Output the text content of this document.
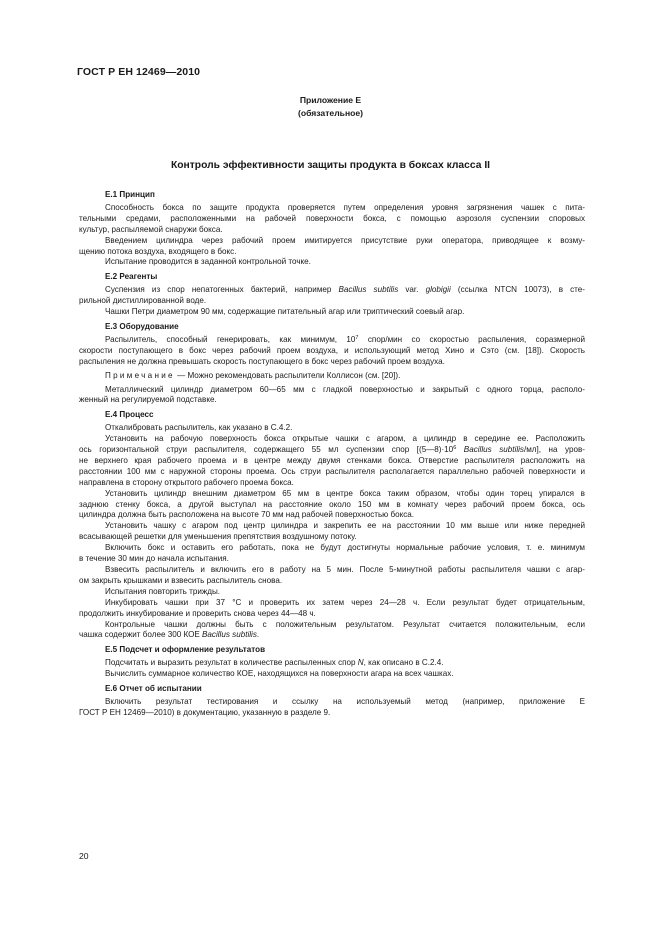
ГОСТ Р ЕН 12469—2010
Приложение Е
(обязательное)
Контроль эффективности защиты продукта в боксах класса II
Е.1 Принцип
Способность бокса по защите продукта проверяется путем определения уровня загрязнения чашек с пита-
тельными средами, расположенными на рабочей поверхности бокса, с помощью аэрозоля суспензии споровых
культур, распыляемой снаружи бокса.
Введением цилиндра через рабочий проем имитируется присутствие руки оператора, приводящее к возму-
щению потока воздуха, входящего в бокс.
Испытание проводится в заданной контрольной точке.
Е.2 Реагенты
Суспензия из спор непатогенных бактерий, например Bacillus subtilis var. globigii (ссылка NTCN 10073), в сте-
рильной дистиллированной воде.
Чашки Петри диаметром 90 мм, содержащие питательный агар или триптический соевый агар.
Е.3 Оборудование
Распылитель, способный генерировать, как минимум, $10^7$ спор/мин со скоростью распыления, соразмерной
скорости поступающего в бокс через рабочий проем воздуха, и использующий метод Хино и Сэто (см. [18]). Скорость
распыления не должна превышать скорость поступающего в бокс через рабочий проем воздуха.
Примечание — Можно рекомендовать распылители Коллисон (см. [20]).
Металлический цилиндр диаметром 60—65 мм с гладкой поверхностью и закрытый с одного торца, располо-
женный на регулируемой подставке.
Е.4 Процесс
Откалибровать распылитель, как указано в С.4.2.
Установить на рабочую поверхность бокса открытые чашки с агаром, а цилиндр в середине ее. Расположить
ось горизонтальной струи распылителя, содержащего 55 мл суспензии спор [$(5—8)\cdot 10^6$ Bacillus subtilis/мл], на уров-
не верхнего края рабочего проема и в центре между двумя стенками бокса. Отверстие распылителя расположить на
расстоянии 100 мм с наружной стороны проема. Ось струи распылителя располагается параллельно рабочей поверхности и
направлена в сторону открытого рабочего проема бокса.
Установить цилиндр внешним диаметром 65 мм в центре бокса таким образом, чтобы один торец упирался в
заднюю стенку бокса, а другой выступал на расстояние около 150 мм в комнату через рабочий проем бокса, ось
цилиндра должна быть расположена на высоте 70 мм над рабочей поверхностью бокса.
Установить чашку с агаром под центр цилиндра и закрепить ее на расстоянии 10 мм выше или ниже передней
всасывающей решетки для уменьшения препятствия воздушному потоку.
Включить бокс и оставить его работать, пока не будут достигнуты нормальные рабочие условия, т. е. минимум
в течение 30 мин до начала испытания.
Взвесить распылитель и включить его в работу на 5 мин. После 5-минутной работы распылителя чашки с агар-
ом закрыть крышками и взвесить распылитель снова.
Испытания повторить трижды.
Инкубировать чашки при 37 °С и проверить их затем через 24—28 ч. Если результат будет отрицательным,
продолжить инкубирование и проверить снова через 44—48 ч.
Контрольные чашки должны быть с положительным результатом. Результат считается положительным, если
чашка содержит более 300 КОЕ Bacillus subtilis.
Е.5 Подсчет и оформление результатов
Подсчитать и выразить результат в количестве распыленных спор N, как описано в С.2.4.
Вычислить суммарное количество КОЕ, находящихся на поверхности агара на всех чашках.
Е.6 Отчет об испытании
Включить результат тестирования и ссылку на используемый метод (например, приложение Е
ГОСТ Р ЕН 12469—2010) в документацию, указанную в разделе 9.
20
